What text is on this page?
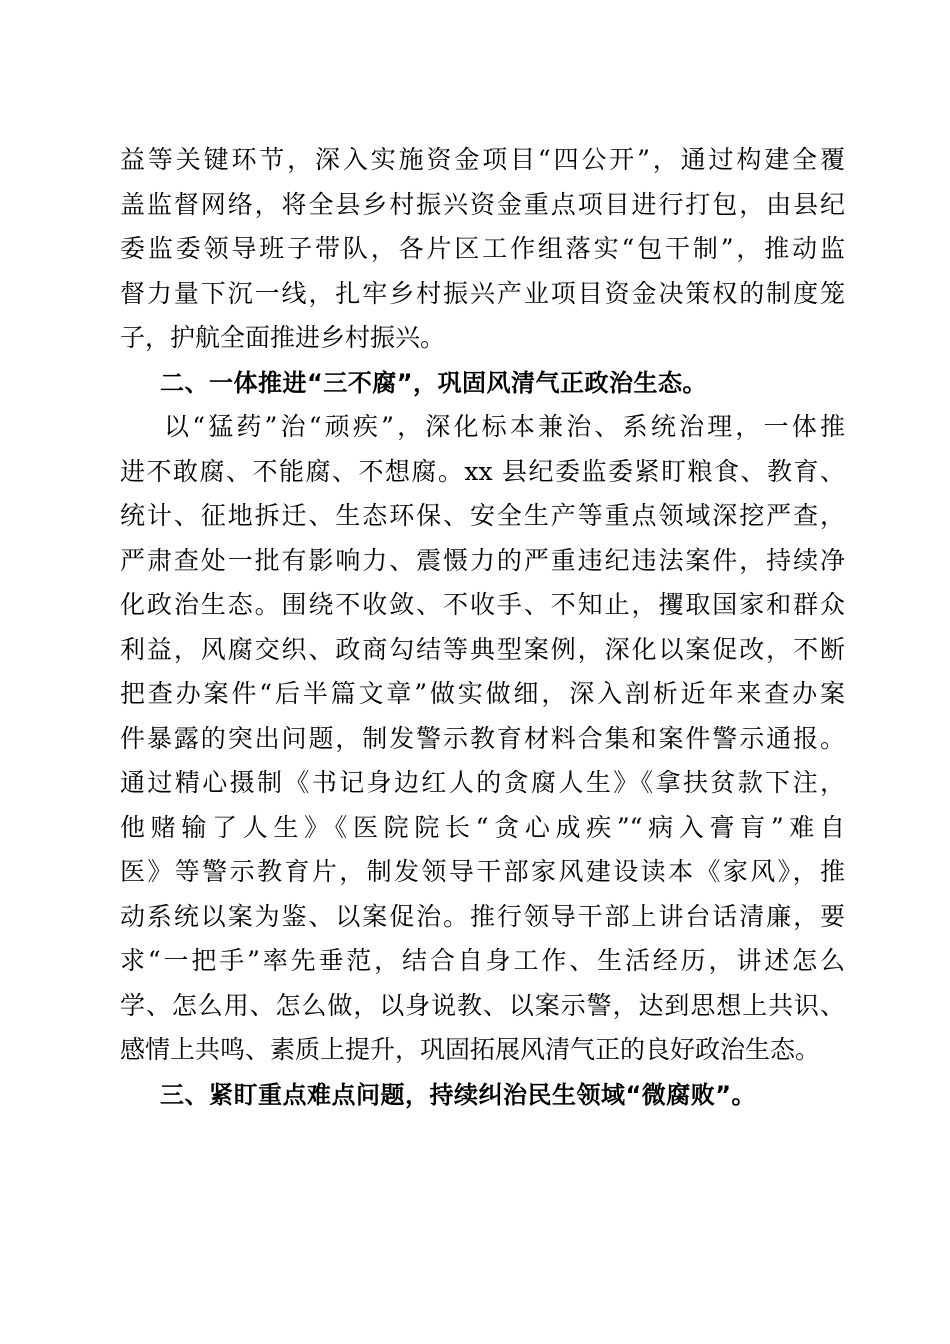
益等关键环节，深入实施资金项目“四公开”，通过构建全覆
盖监督网络，将全县乡村振兴资金重点项目进行打包，由县纪
委监委领导班子带队，各片区工作组落实“包干制”，推动监
督力量下沉一线，扎牢乡村振兴产业项目资金决策权的制度笼
子，护航全面推进乡村振兴。
二、一体推进“三不腐”，巩固风清气正政治生态。
以“猛药”治“顽疾”，深化标本兼治、系统治理，一体推
进不敢腐、不能腐、不想腐。xx 县纪委监委紧盯粮食、教育、
统计、征地拆迁、生态环保、安全生产等重点领域深挖严查，
严肃查处一批有影响力、震慑力的严重违纪违法案件，持续净
化政治生态。围绕不收敛、不收手、不知止，攫取国家和群众
利益，风腐交织、政商勾结等典型案例，深化以案促改，不断
把查办案件“后半篇文章”做实做细，深入剖析近年来查办案
件暴露的突出问题，制发警示教育材料合集和案件警示通报。
通过精心摄制《书记身边红人的贪腐人生》《拿扶贫款下注，
他赌输了人生》《医院院长“贪心成疾”“病入膏肓”难自
医》等警示教育片，制发领导干部家风建设读本《家风》，推
动系统以案为鉴、以案促治。推行领导干部上讲台话清廉，要
求“一把手”率先垂范，结合自身工作、生活经历，讲述怎么
学、怎么用、怎么做，以身说教、以案示警，达到思想上共识、
感情上共鸣、素质上提升，巩固拓展风清气正的良好政治生态。
三、紧盯重点难点问题，持续纠治民生领域“微腐败”。
